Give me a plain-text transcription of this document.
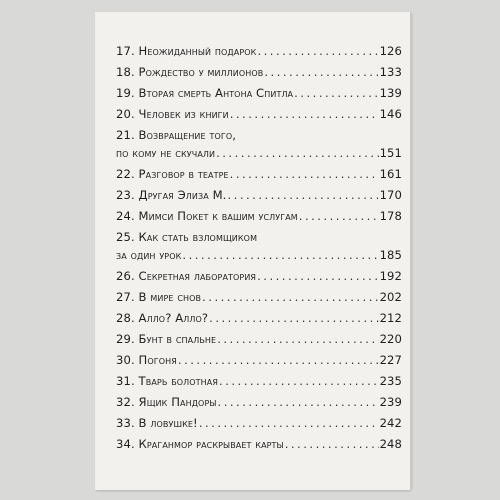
17. Неожиданный подарок . . .	126
18. Рождество у миллионов . . .	133
19. Вторая смерть Антона Спитла . . .	139
20. Человек из книги . . .	146
21. Возвращение того,
по кому не скучали . . .	151
22. Разговор в театре . . .	161
23. Другая Элиза М. . . .	170
24. Мимси Покет к вашим услугам . . .	178
25. Как стать взломщиком
за один урок . . .	185
26. Секретная лаборатория . . .	192
27. В мире снов . . .	202
28. Алло? Алло? . . .	212
29. Бунт в спальне . . .	220
30. Погоня . . .	227
31. Тварь болотная . . .	235
32. Ящик Пандоры . . .	239
33. В ловушке! . . .	242
34. Краганмор раскрывает карты . . .	248
